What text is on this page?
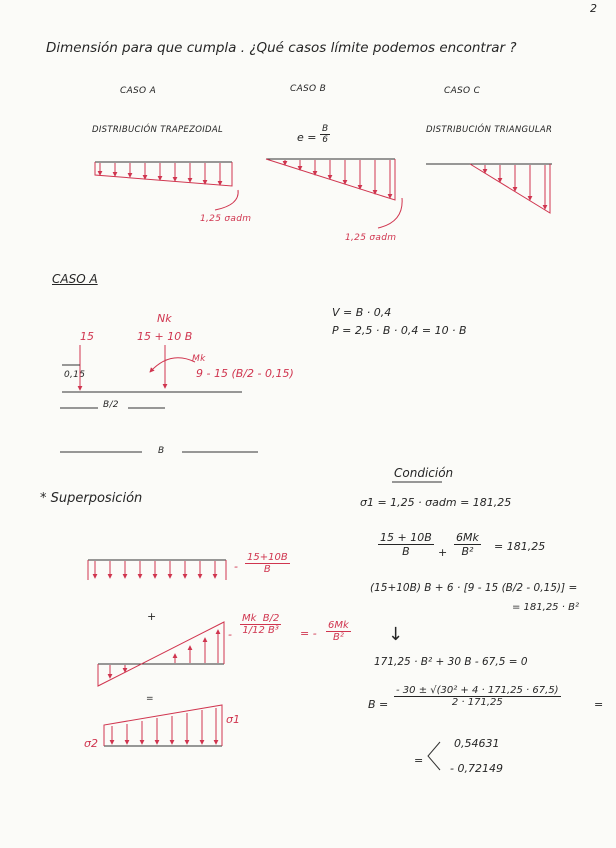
2
Dimensión para que cumpla . ¿Qué casos límite podemos encontrar ?
CASO A	CASO B	CASO C
DISTRIBUCIÓN TRAPEZOIDAL
$e = \frac{B}{6}$	DISTRIBUCIÓN TRIANGULAR
1,25 σadm
1,25 σadm
CASO A
15
Nk
15 + 10 B
Mk
9 - 15 (B/2 - 0,15)
0,15
B/2
B
V = B · 0,4
P = 2,5 · B · 0,4 = 10 · B
* Superposición
$\frac{15+10B}{B}$
-
+
- $\frac{\text{Mk B/2}}{\text{1/12 B³}}$ = - $\frac{6Mk}{\text{B²}}$
=
σ2
σ1
Condición
σ1 = 1,25 · σadm = 181,25
$\frac{15 + 10B}{B} + \frac{6Mk}{\text{B²}} = 181,25$
(15+10B) B + 6 · [9 - 15 (B/2 - 0,15)] =
= 181,25 · B²
↓
171,25 · B² + 30 B - 67,5 = 0
$B = \frac{\text{- 30 ± √(30² + 4 · 171,25 · 67,5)}}{2 \cdot 171,25}$	=
=
0,54631
- 0,72149
